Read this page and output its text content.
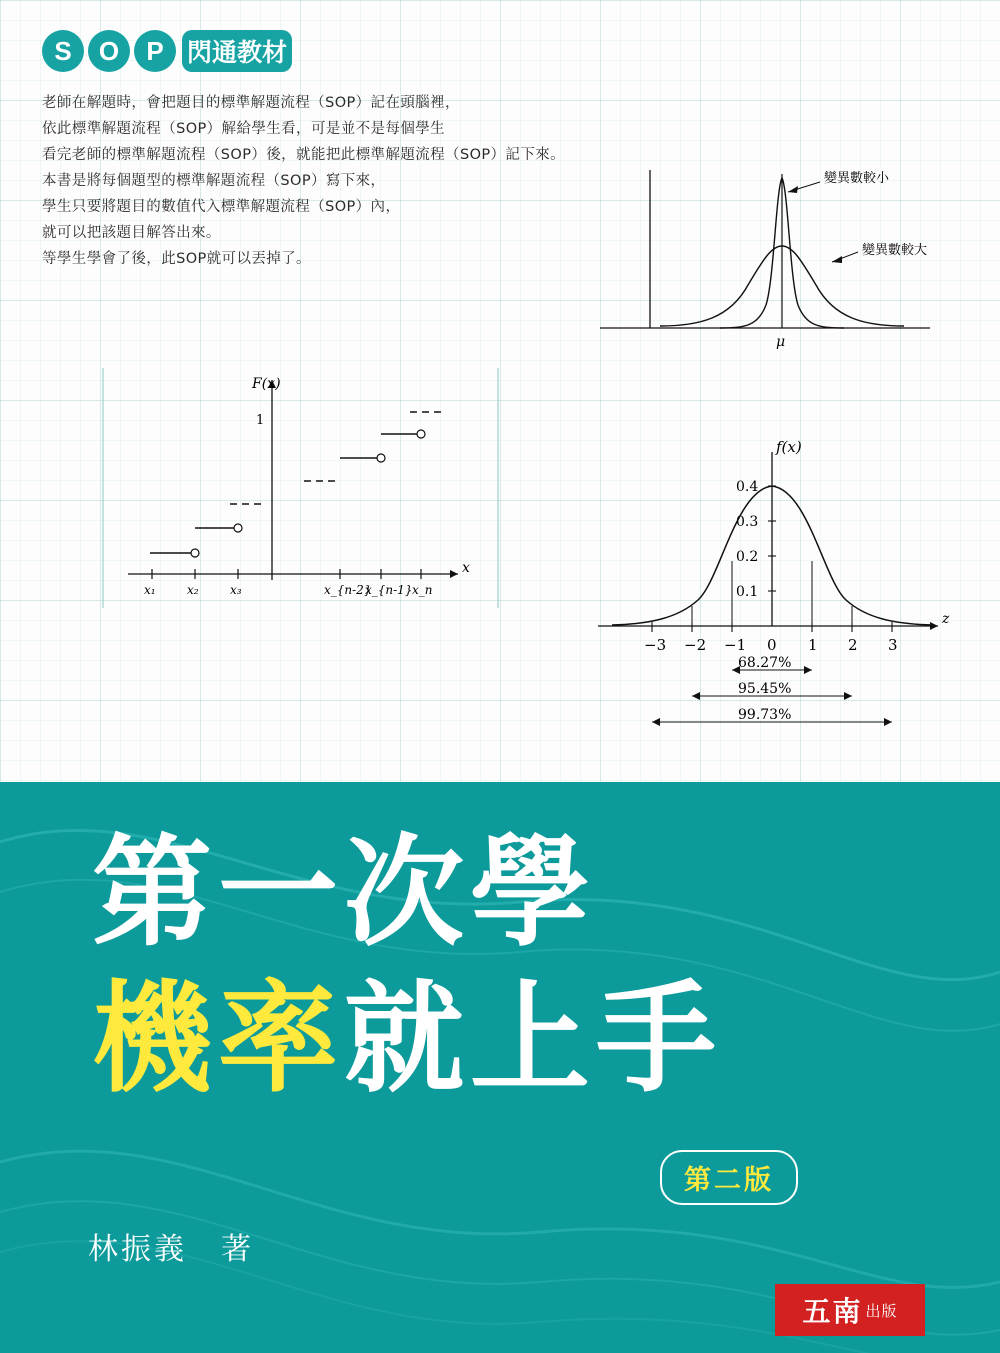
S	O	P 閃通教材
老師在解題時，會把題目的標準解題流程（SOP）記在頭腦裡，
依此標準解題流程（SOP）解給學生看，可是並不是每個學生
看完老師的標準解題流程（SOP）後，就能把此標準解題流程（SOP）記下來。
本書是將每個題型的標準解題流程（SOP）寫下來，
學生只要將題目的數值代入標準解題流程（SOP）內，
就可以把該題目解答出來。
等學生學會了後，此SOP就可以丟掉了。
變異數較小
變異數較大
μ
F(x)
x
1
x₁	x₂	x₃	x_{n-2}
x_{n-1} x_n
f(x)
z
0.4
0.3
0.2
0.1
−3 −2 −1 0 1 2 3
68.27%
95.45%
99.73%
第一次學
機率就上手
第二版
林振義 著
五南 出版
